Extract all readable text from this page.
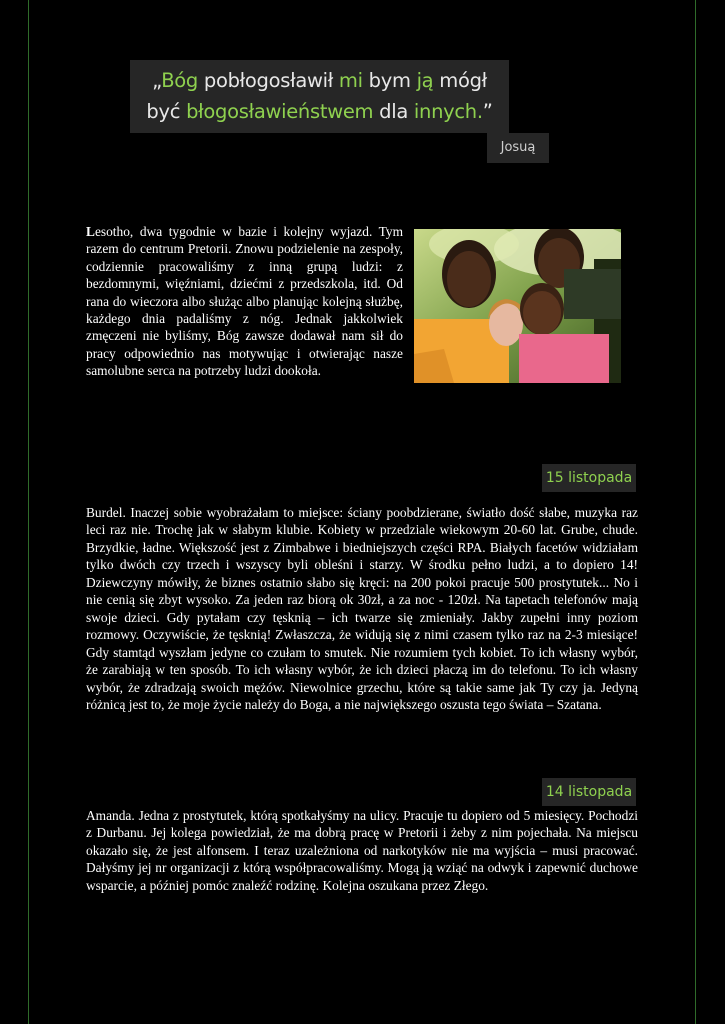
„Bóg pobłogosławił mi bym ją mógł
być błogosławieństwem dla innych.”
Josuą
Lesotho, dwa tygodnie w bazie i kolejny wyjazd. Tym razem do centrum Pretorii. Znowu podzielenie na zespoły, codziennie pracowaliśmy z inną grupą ludzi: z bezdomnymi, więźniami, dziećmi z przedszkola, itd. Od rana do wieczora albo służąc albo planując kolejną służbę, każdego dnia padaliśmy z nóg. Jednak jakkolwiek zmęczeni nie byliśmy, Bóg zawsze dodawał nam sił do pracy odpowiednio nas motywując i otwierając nasze samolubne serca na potrzeby ludzi dookoła.
15 listopada
Burdel. Inaczej sobie wyobrażałam to miejsce: ściany poobdzierane, światło dość słabe, muzyka raz leci raz nie. Trochę jak w słabym klubie. Kobiety w przedziale wiekowym 20-60 lat. Grube, chude. Brzydkie, ładne. Większość jest z Zimbabwe i biedniejszych części RPA. Białych facetów widziałam tylko dwóch czy trzech i wszyscy byli obleśni i starzy. W środku pełno ludzi, a to dopiero 14! Dziewczyny mówiły, że biznes ostatnio słabo się kręci: na 200 pokoi pracuje 500 prostytutek... No i nie cenią się zbyt wysoko. Za jeden raz biorą ok 30zł, a za noc - 120zł. Na tapetach telefonów mają swoje dzieci. Gdy pytałam czy tęsknią – ich twarze się zmieniały. Jakby zupełni inny poziom rozmowy. Oczywiście, że tęsknią! Zwłaszcza, że widują się z nimi czasem tylko raz na 2-3 miesiące! Gdy stamtąd wyszłam jedyne co czułam to smutek. Nie rozumiem tych kobiet. To ich własny wybór, że zarabiają w ten sposób. To ich własny wybór, że ich dzieci płaczą im do telefonu. To ich własny wybór, że zdradzają swoich mężów. Niewolnice grzechu, które są takie same jak Ty czy ja. Jedyną różnicą jest to, że moje życie należy do Boga, a nie największego oszusta tego świata – Szatana.
14 listopada
Amanda. Jedna z prostytutek, którą spotkałyśmy na ulicy. Pracuje tu dopiero od 5 miesięcy. Pochodzi z Durbanu. Jej kolega powiedział, że ma dobrą pracę w Pretorii i żeby z nim pojechała. Na miejscu okazało się, że jest alfonsem. I teraz uzależniona od narkotyków nie ma wyjścia – musi pracować. Dałyśmy jej nr organizacji z którą współpracowaliśmy. Mogą ją wziąć na odwyk i zapewnić duchowe wsparcie, a później pomóc znaleźć rodzinę. Kolejna oszukana przez Złego.
